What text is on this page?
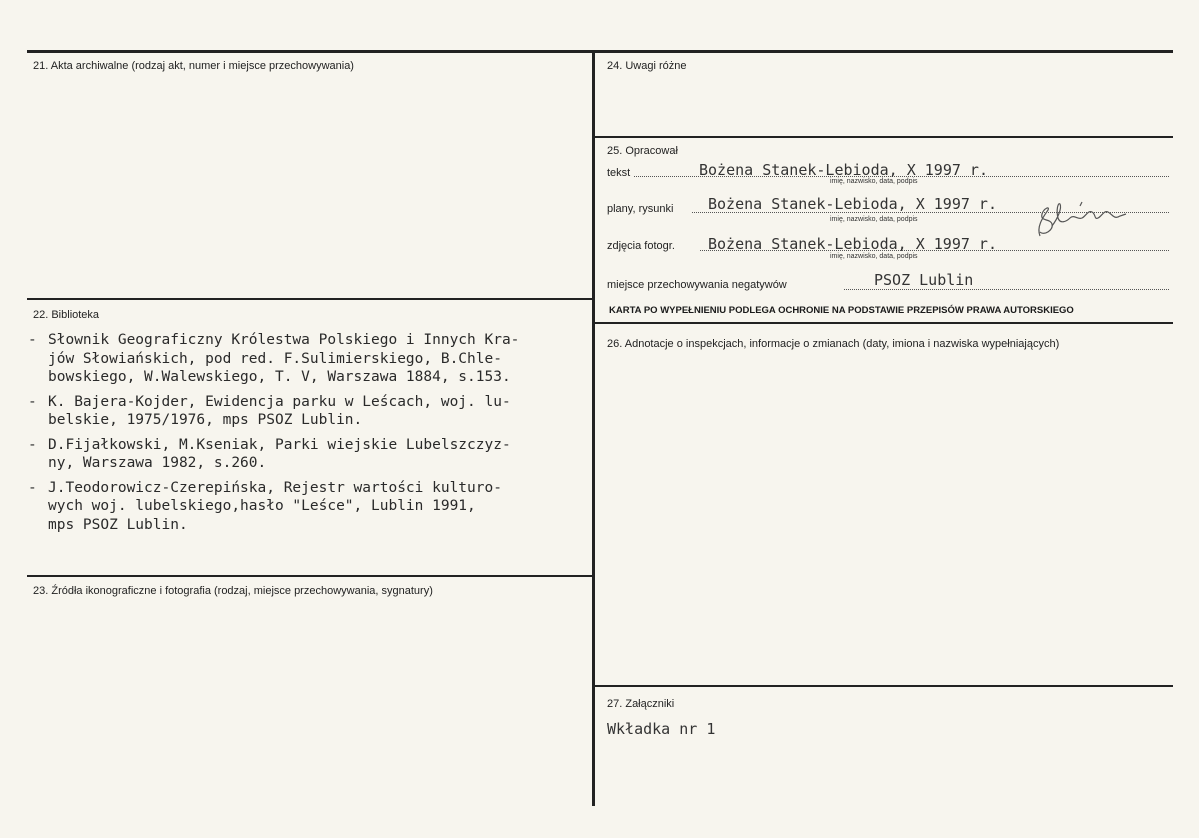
21. Akta archiwalne (rodzaj akt, numer i miejsce przechowywania)
22. Biblioteka
- Słownik Geograficzny Królestwa Polskiego i Innych Kra-
jów Słowiańskich, pod red. F.Sulimierskiego, B.Chle-
bowskiego, W.Walewskiego, T. V, Warszawa 1884, s.153.
- K. Bajera-Kojder, Ewidencja parku w Leścach, woj. lu-
belskie, 1975/1976, mps PSOZ Lublin.
- D.Fijałkowski, M.Kseniak, Parki wiejskie Lubelszczyz-
ny, Warszawa 1982, s.260.
- J.Teodorowicz-Czerepińska, Rejestr wartości kulturo-
wych woj. lubelskiego,hasło "Leśce", Lublin 1991,
mps PSOZ Lublin.
23. Źródła ikonograficzne i fotografia (rodzaj, miejsce przechowywania, sygnatury)
24. Uwagi różne
25. Opracował
tekst	Bożena Stanek-Lebioda, X 1997 r.
imię, nazwisko, data, podpis
plany, rysunki Bożena Stanek-Lebioda, X 1997 r.
imię, nazwisko, data, podpis
zdjęcia fotogr. Bożena Stanek-Lebioda, X 1997 r.
imię, nazwisko, data, podpis
miejsce przechowywania negatywów	PSOZ Lublin
KARTA PO WYPEŁNIENIU PODLEGA OCHRONIE NA PODSTAWIE PRZEPISÓW PRAWA AUTORSKIEGO
26. Adnotacje o inspekcjach, informacje o zmianach (daty, imiona i nazwiska wypełniających)
27. Załączniki
Wkładka nr 1
